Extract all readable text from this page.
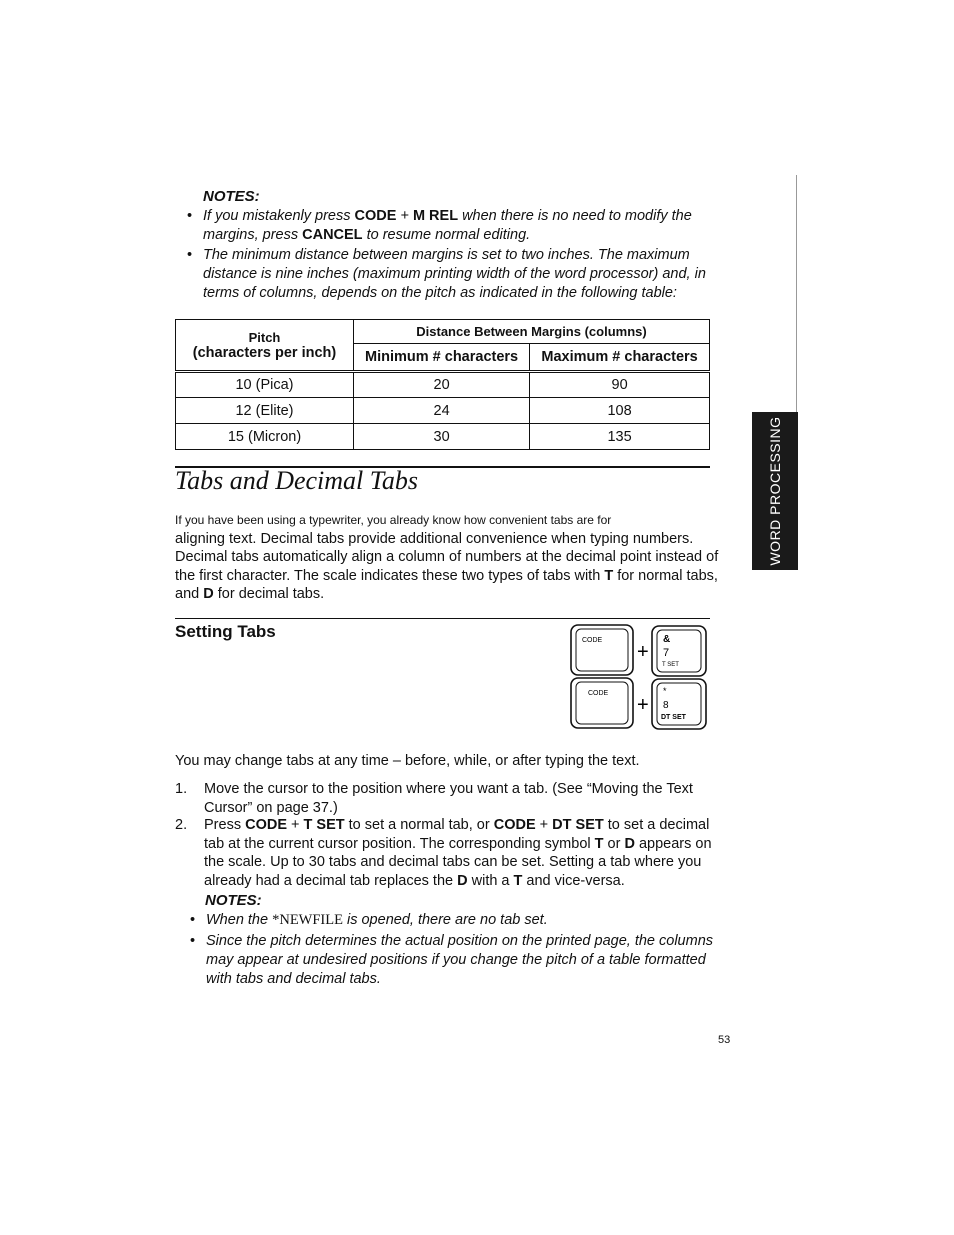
NOTES:
• If you mistakenly press CODE + M REL when there is no need to modify the
margins, press CANCEL to resume normal editing.
• The minimum distance between margins is set to two inches. The maximum
distance is nine inches (maximum printing width of the word processor) and, in
terms of columns, depends on the pitch as indicated in the following table:
Pitch
(characters per inch)	Distance Between Margins (columns)	
	Minimum # characters	Maximum # characters
10 (Pica)	20	90
12 (Elite)	24	108
15 (Micron)	30	135
Tabs and Decimal Tabs
If you have been using a typewriter, you already know how convenient tabs are for
aligning text. Decimal tabs provide additional convenience when typing numbers.
Decimal tabs automatically align a column of numbers at the decimal point instead of
the first character. The scale indicates these two types of tabs with T for normal tabs,
and D for decimal tabs.
Setting Tabs	CODE
+
&
7
T SET
CODE
+
*
8
DT SET
You may change tabs at any time – before, while, or after typing the text.
1. Move the cursor to the position where you want a tab. (See “Moving the Text
Cursor” on page 37.)
2. Press CODE + T SET to set a normal tab, or CODE + DT SET to set a decimal
tab at the current cursor position. The corresponding symbol T or D appears on
the scale. Up to 30 tabs and decimal tabs can be set. Setting a tab where you
already had a decimal tab replaces the D with a T and vice-versa.
NOTES:
• When the *NEWFILE is opened, there are no tab set.
• Since the pitch determines the actual position on the printed page, the columns
may appear at undesired positions if you change the pitch of a table formatted
with tabs and decimal tabs.
WORD PROCESSING
53
